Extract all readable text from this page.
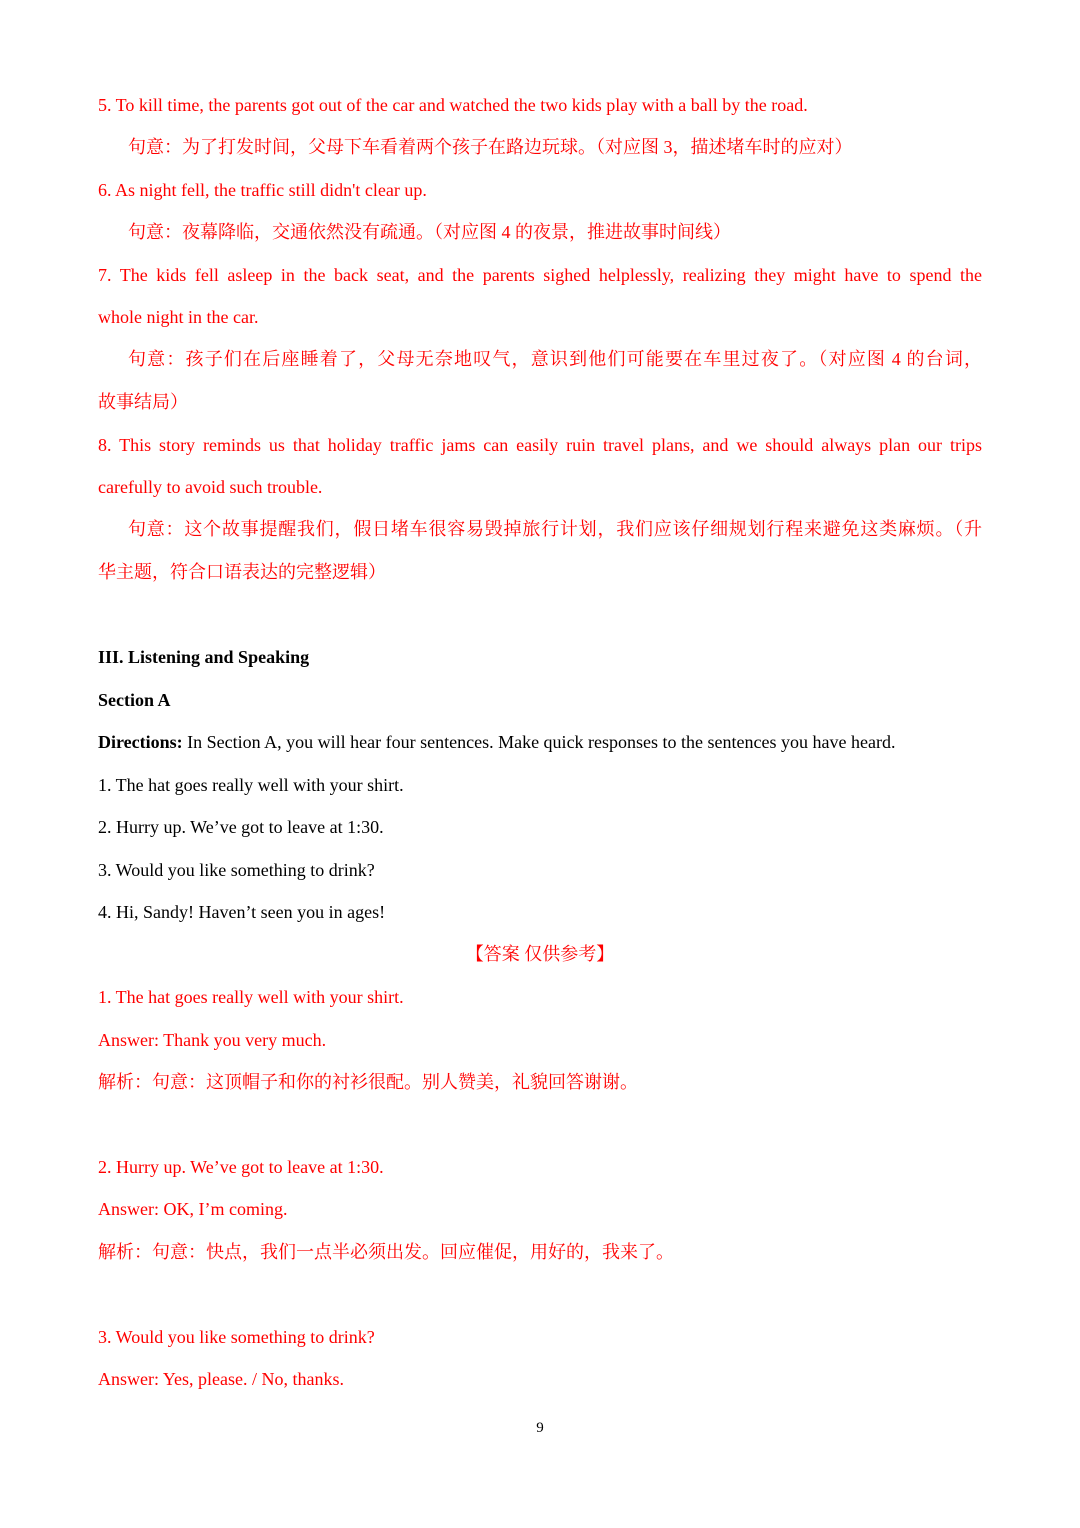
5. To kill time, the parents got out of the car and watched the two kids play with a ball by the road.
句意：为了打发时间，父母下车看着两个孩子在路边玩球。（对应图 3，描述堵车时的应对）
6. As night fell, the traffic still didn't clear up.
句意：夜幕降临，交通依然没有疏通。（对应图 4 的夜景，推进故事时间线）
7. The kids fell asleep in the back seat, and the parents sighed helplessly, realizing they might have to spend the
whole night in the car.
句意：孩子们在后座睡着了，父母无奈地叹气，意识到他们可能要在车里过夜了。（对应图 4 的台词，
故事结局）
8. This story reminds us that holiday traffic jams can easily ruin travel plans, and we should always plan our trips
carefully to avoid such trouble.
句意：这个故事提醒我们，假日堵车很容易毁掉旅行计划，我们应该仔细规划行程来避免这类麻烦。（升
华主题，符合口语表达的完整逻辑）
III. Listening and Speaking
Section A
Directions: In Section A, you will hear four sentences. Make quick responses to the sentences you have heard.
1. The hat goes really well with your shirt.
2. Hurry up. We’ve got to leave at 1:30.
3. Would you like something to drink?
4. Hi, Sandy! Haven’t seen you in ages!
【答案 仅供参考】
1. The hat goes really well with your shirt.
Answer: Thank you very much.
解析：句意：这顶帽子和你的衬衫很配。别人赞美，礼貌回答谢谢。
2. Hurry up. We’ve got to leave at 1:30.
Answer: OK, I’m coming.
解析：句意：快点，我们一点半必须出发。回应催促，用好的，我来了。
3. Would you like something to drink?
Answer: Yes, please. / No, thanks.
9
